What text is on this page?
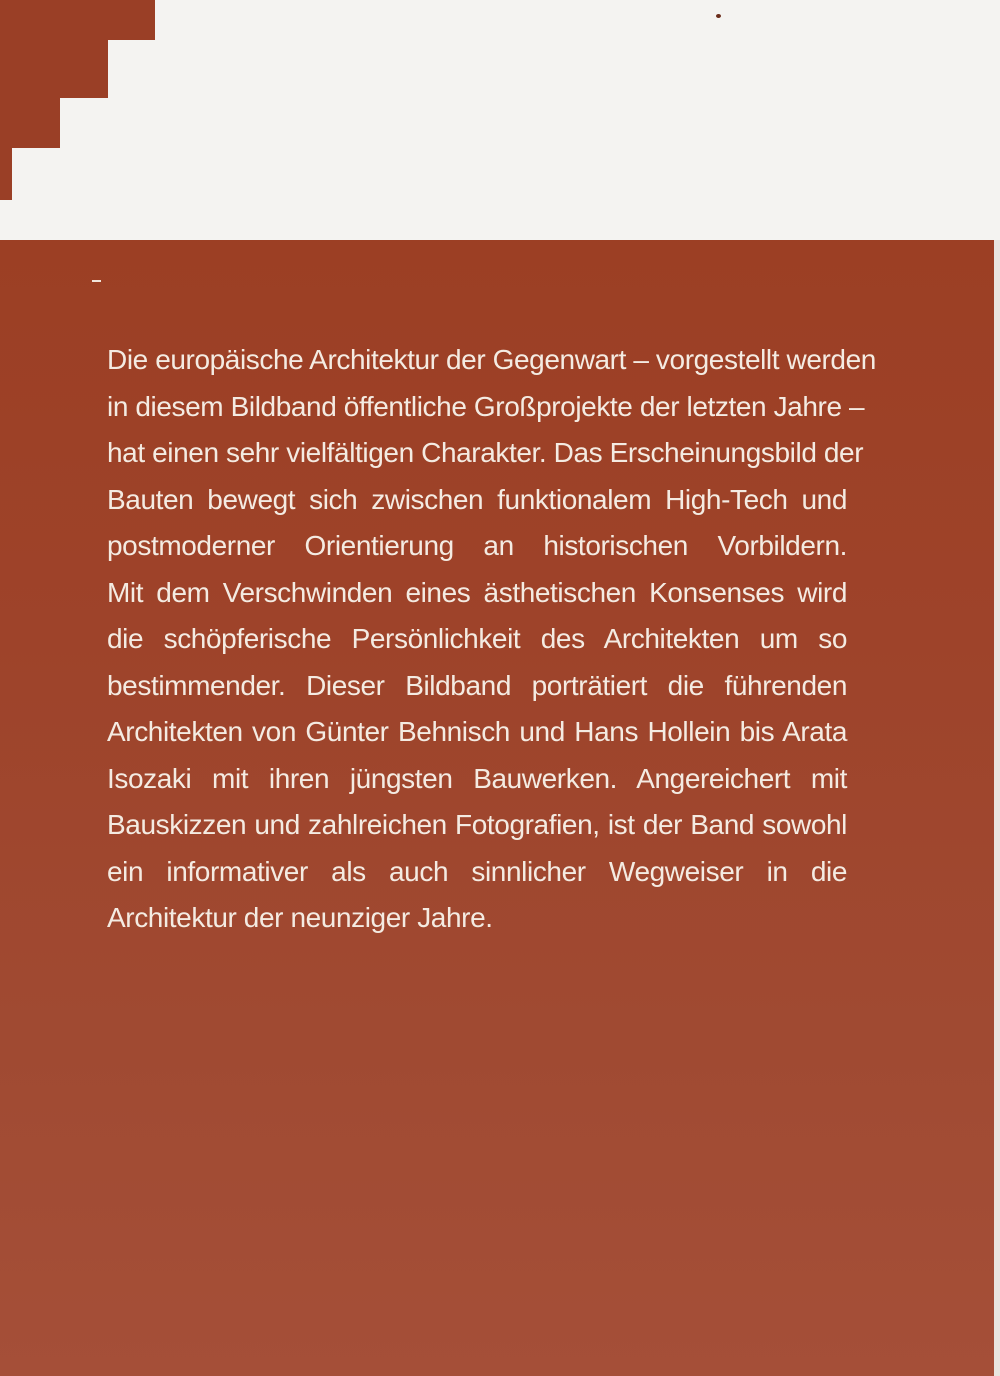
Die europäische Architektur der Gegenwart – vorgestellt werden
in diesem Bildband öffentliche Großprojekte der letzten Jahre –
hat einen sehr vielfältigen Charakter. Das Erscheinungsbild der
Bauten bewegt sich zwischen funktionalem High-Tech und
postmoderner Orientierung an historischen Vorbildern.
Mit dem Verschwinden eines ästhetischen Konsenses wird
die schöpferische Persönlichkeit des Architekten um so
bestimmender. Dieser Bildband porträtiert die führenden
Architekten von Günter Behnisch und Hans Hollein bis Arata
Isozaki mit ihren jüngsten Bauwerken. Angereichert mit
Bauskizzen und zahlreichen Fotografien, ist der Band sowohl
ein informativer als auch sinnlicher Wegweiser in die
Architektur der neunziger Jahre.
